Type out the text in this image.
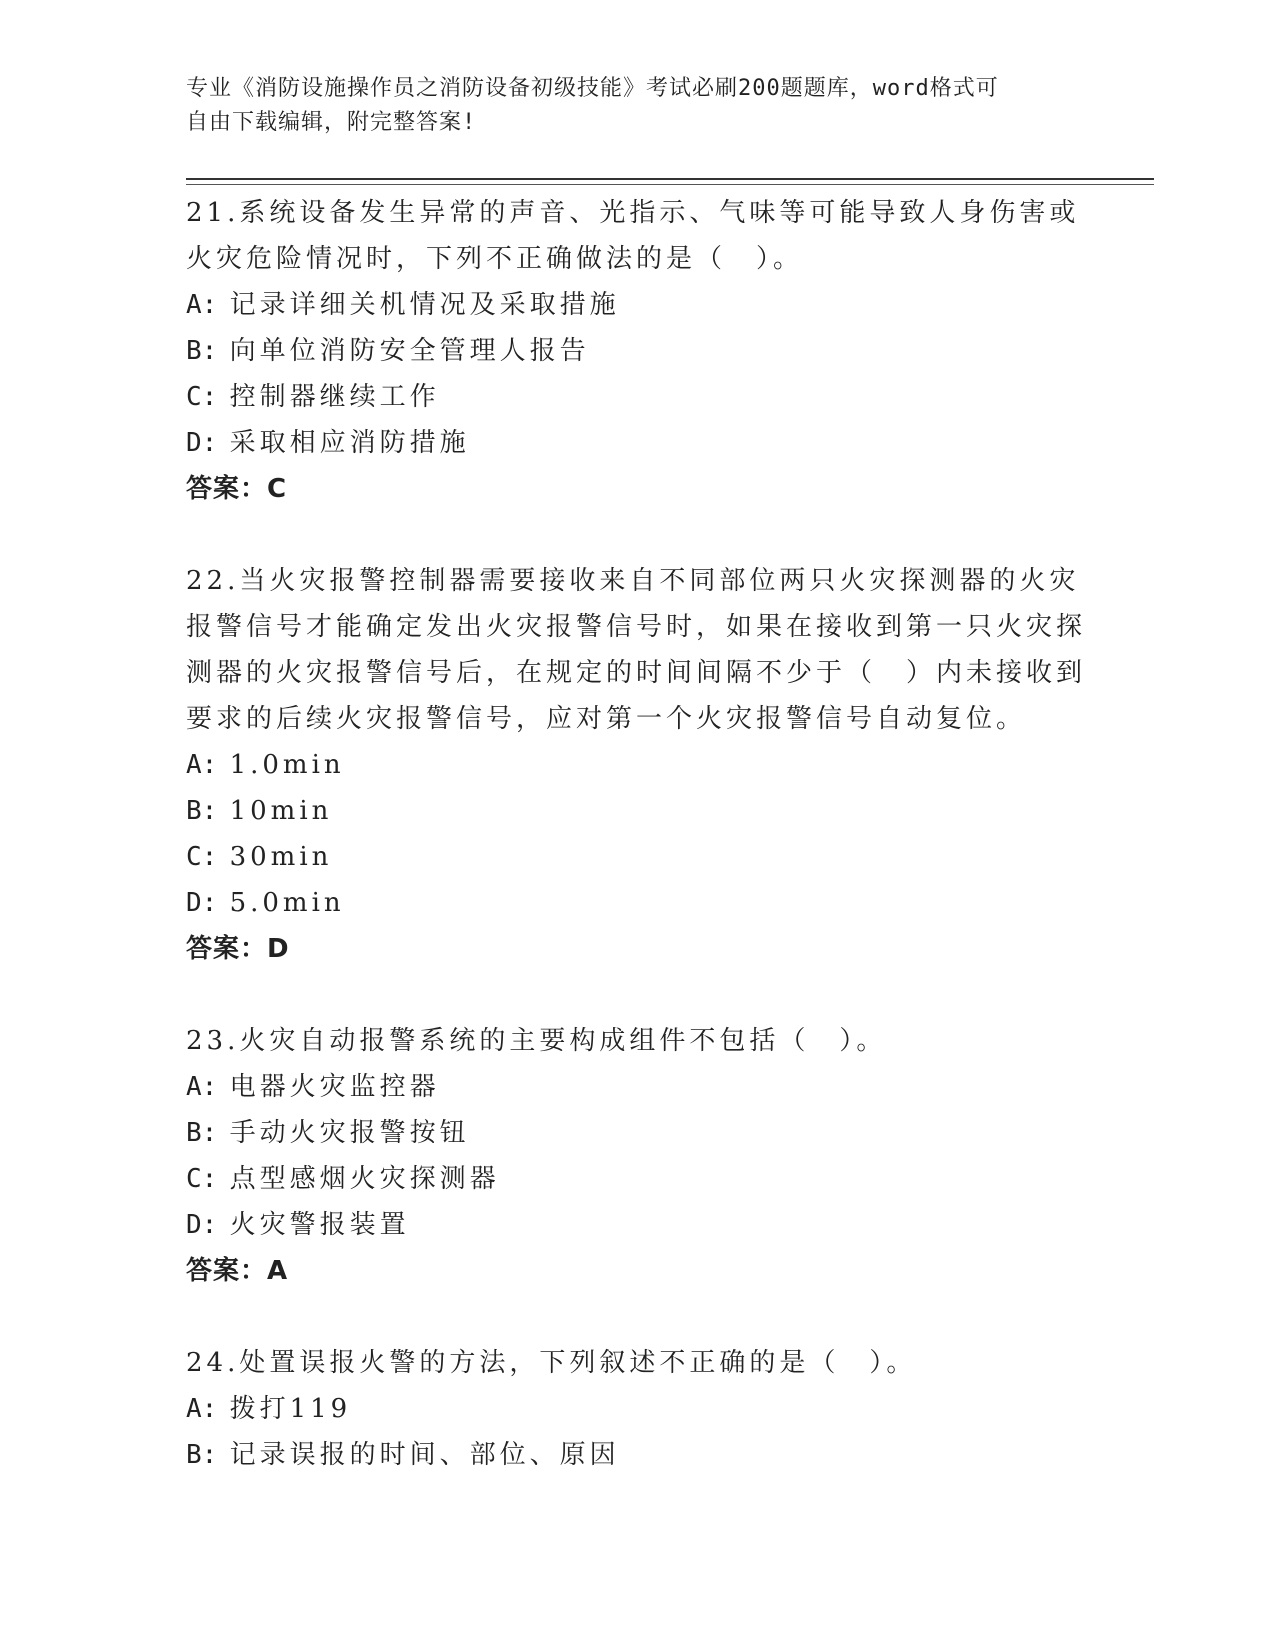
专业《消防设施操作员之消防设备初级技能》考试必刷200题题库，word格式可
自由下载编辑，附完整答案!
21.系统设备发生异常的声音、光指示、气味等可能导致人身伤害或火灾危险情况时，下列不正确做法的是（　）。
A: 记录详细关机情况及采取措施
B: 向单位消防安全管理人报告
C: 控制器继续工作
D: 采取相应消防措施
答案：C
22.当火灾报警控制器需要接收来自不同部位两只火灾探测器的火灾报警信号才能确定发出火灾报警信号时，如果在接收到第一只火灾探测器的火灾报警信号后，在规定的时间间隔不少于（　）内未接收到要求的后续火灾报警信号，应对第一个火灾报警信号自动复位。
A: 1.0min
B: 10min
C: 30min
D: 5.0min
答案：D
23.火灾自动报警系统的主要构成组件不包括（　）。
A: 电器火灾监控器
B: 手动火灾报警按钮
C: 点型感烟火灾探测器
D: 火灾警报装置
答案：A
24.处置误报火警的方法，下列叙述不正确的是（　）。
A: 拨打119
B: 记录误报的时间、部位、原因
